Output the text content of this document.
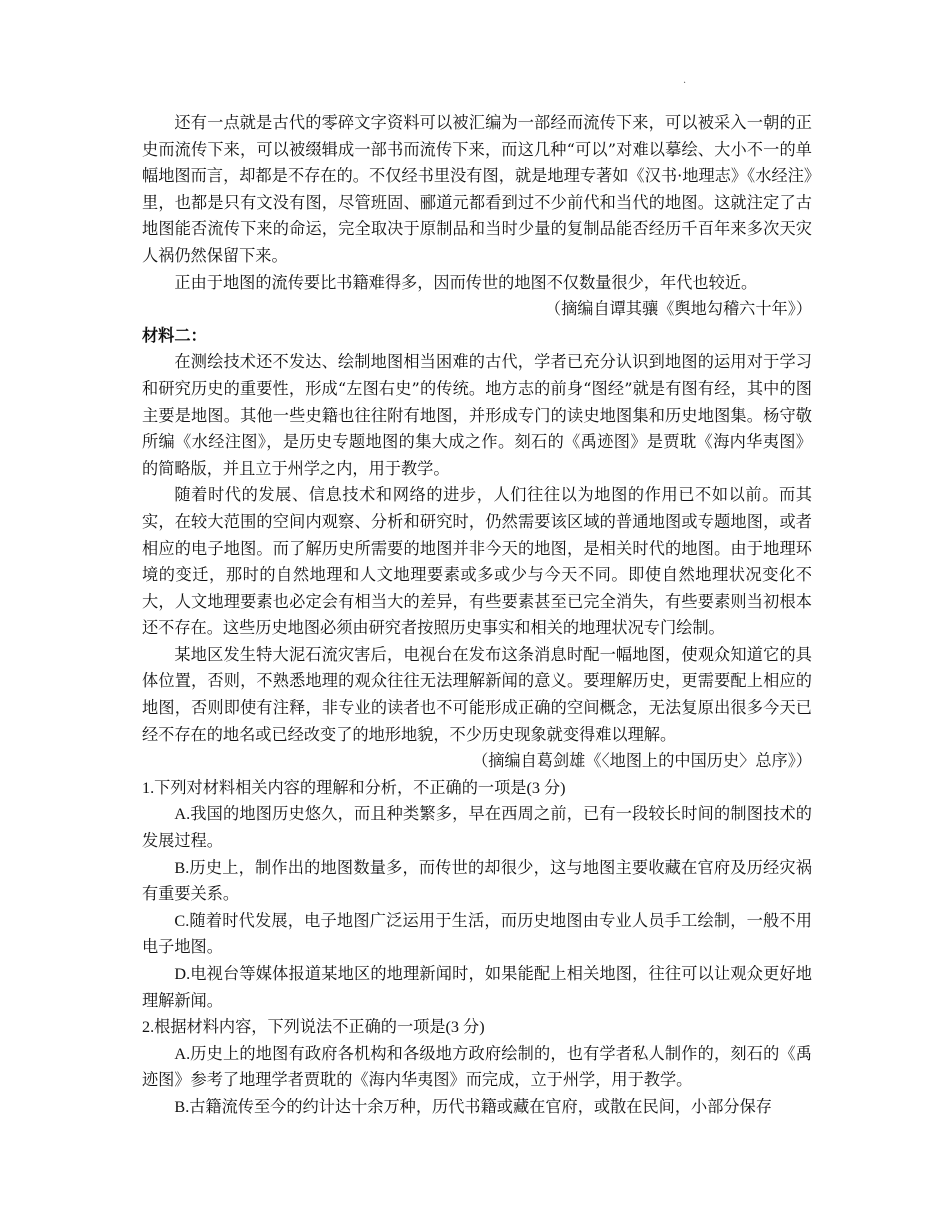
·

还有一点就是古代的零碎文字资料可以被汇编为一部经而流传下来，可以被采入一朝的正史而流传下来，可以被缀辑成一部书而流传下来，而这几种“可以”对难以摹绘、大小不一的单幅地图而言，却都是不存在的。不仅经书里没有图，就是地理专著如《汉书·地理志》《水经注》里，也都是只有文没有图，尽管班固、郦道元都看到过不少前代和当代的地图。这就注定了古地图能否流传下来的命运，完全取决于原制品和当时少量的复制品能否经历千百年来多次天灾人祸仍然保留下来。

正由于地图的流传要比书籍难得多，因而传世的地图不仅数量很少，年代也较近。

（摘编自谭其骧《舆地勾稽六十年》）

材料二：

在测绘技术还不发达、绘制地图相当困难的古代，学者已充分认识到地图的运用对于学习和研究历史的重要性，形成“左图右史”的传统。地方志的前身“图经”就是有图有经，其中的图主要是地图。其他一些史籍也往往附有地图，并形成专门的读史地图集和历史地图集。杨守敬所编《水经注图》，是历史专题地图的集大成之作。刻石的《禹迹图》是贾耽《海内华夷图》的简略版，并且立于州学之内，用于教学。

随着时代的发展、信息技术和网络的进步，人们往往以为地图的作用已不如以前。而其实，在较大范围的空间内观察、分析和研究时，仍然需要该区域的普通地图或专题地图，或者相应的电子地图。而了解历史所需要的地图并非今天的地图，是相关时代的地图。由于地理环境的变迁，那时的自然地理和人文地理要素或多或少与今天不同。即使自然地理状况变化不大，人文地理要素也必定会有相当大的差异，有些要素甚至已完全消失，有些要素则当初根本还不存在。这些历史地图必须由研究者按照历史事实和相关的地理状况专门绘制。

某地区发生特大泥石流灾害后，电视台在发布这条消息时配一幅地图，使观众知道它的具体位置，否则，不熟悉地理的观众往往无法理解新闻的意义。要理解历史，更需要配上相应的地图，否则即使有注释，非专业的读者也不可能形成正确的空间概念，无法复原出很多今天已经不存在的地名或已经改变了的地形地貌，不少历史现象就变得难以理解。

（摘编自葛剑雄《〈地图上的中国历史〉总序》）

1.下列对材料相关内容的理解和分析，不正确的一项是(3 分)

A.我国的地图历史悠久，而且种类繁多，早在西周之前，已有一段较长时间的制图技术的发展过程。

B.历史上，制作出的地图数量多，而传世的却很少，这与地图主要收藏在官府及历经灾祸有重要关系。

C.随着时代发展，电子地图广泛运用于生活，而历史地图由专业人员手工绘制，一般不用电子地图。

D.电视台等媒体报道某地区的地理新闻时，如果能配上相关地图，往往可以让观众更好地理解新闻。

2.根据材料内容，下列说法不正确的一项是(3 分)

A.历史上的地图有政府各机构和各级地方政府绘制的，也有学者私人制作的，刻石的《禹迹图》参考了地理学者贾耽的《海内华夷图》而完成，立于州学，用于教学。

B.古籍流传至今的约计达十余万种，历代书籍或藏在官府，或散在民间，小部分保存
